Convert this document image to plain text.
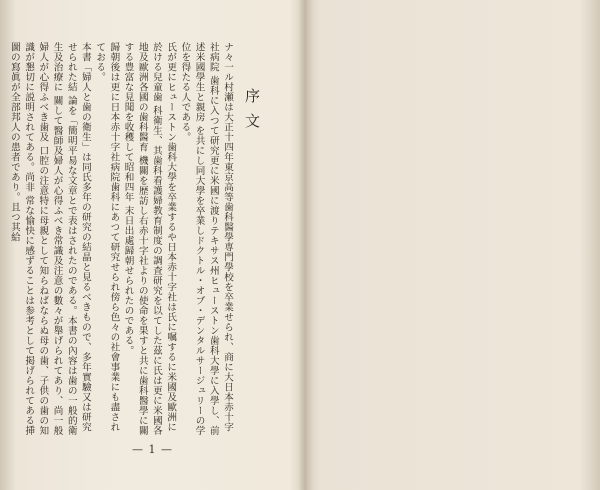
序文

ナ々一ル村瀬は大正十四年東京高等歯科醫學専門學校を卒業せられ、商に大日本赤十字社病院 歯科に入つて研究更に米國に渡りテキサス州ヒューストン歯科大學に入學し、前述米國學生と親房 を共にし同大學を卒業しドクトル・オブ・デンタルサージュリーの学位を得たる人である。

氏が更にヒューストン歯科大學を卒業するや日本赤十字社は氏に嘱するに米國及歐洲に於ける兒童歯 科衛生、其歯科看護婦教育制度の調査研究を以てした茲に氏は更に米國各地及歐洲各國の歯科醫育 機關を歴訪し右赤十字社よりの使命を果すと共に歯科醫學に關する豊富な見聞を收穫して昭和四年 末日出處歸朝せられたのである。

歸朝後は更に日本赤十字社病院歯科にあつて研究せられ傍ら色々の社會事業にも盡されておる。

本書「婦人と歯の衛生」は同氏多年の研究の結晶と見るべきもので、多年實驗又は研究せられた結 論を「簡明平易な文章とで表はされたのである。本書の內容は歯の一般的衛生及治療に 關して醫師及婦人が心得ふべき常識及注意の數々が舉げられてあり、尚一般婦人が心得ふべき歯及 口腔の注意特に母親として知らねばならぬ母の歯、子供の歯の知識が懇切に説明されてある。尚非 常な愉快に感ずることは参考として掲げられてある挿圖の寫眞が全部邦人の患者であり。且つ其給

— 1 —
